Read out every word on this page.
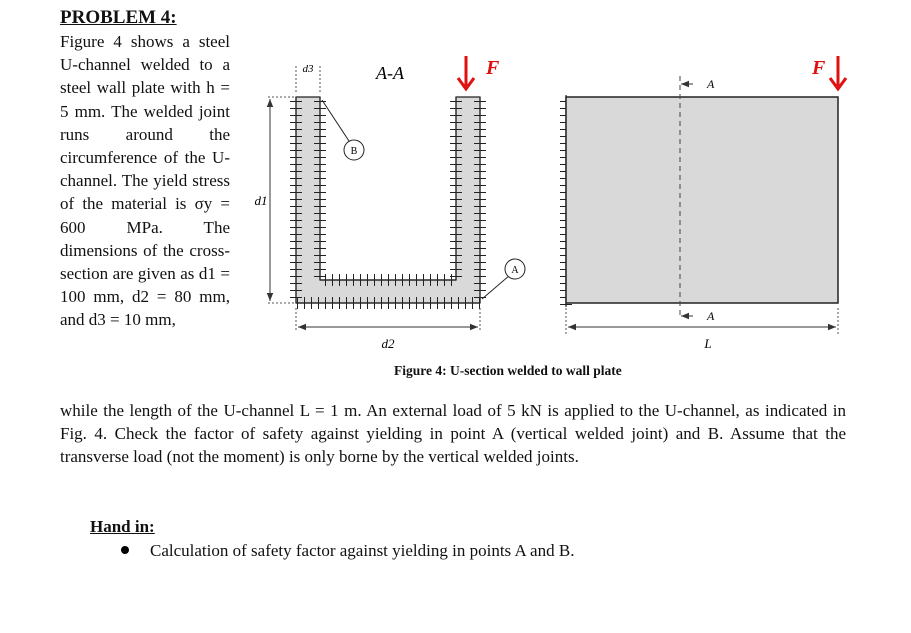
PROBLEM 4:
Figure 4 shows a steel U-channel welded to a steel wall plate with h = 5 mm. The welded joint runs around the circumference of the U-channel. The yield stress of the material is σy = 600 MPa. The dimensions of the cross-section are given as d1 = 100 mm, d2 = 80 mm, and d3 = 10 mm,
while the length of the U-channel L = 1 m. An external load of 5 kN is applied to the U-channel, as indicated in Fig. 4. Check the factor of safety against yielding in point A (vertical welded joint) and B. Assume that the transverse load (not the moment) is only borne by the vertical welded joints.
A-A
d3
d1
d2
F
B
A
A
A
L
F
Figure 4: U-section welded to wall plate
Hand in:
Calculation of safety factor against yielding in points A and B.
